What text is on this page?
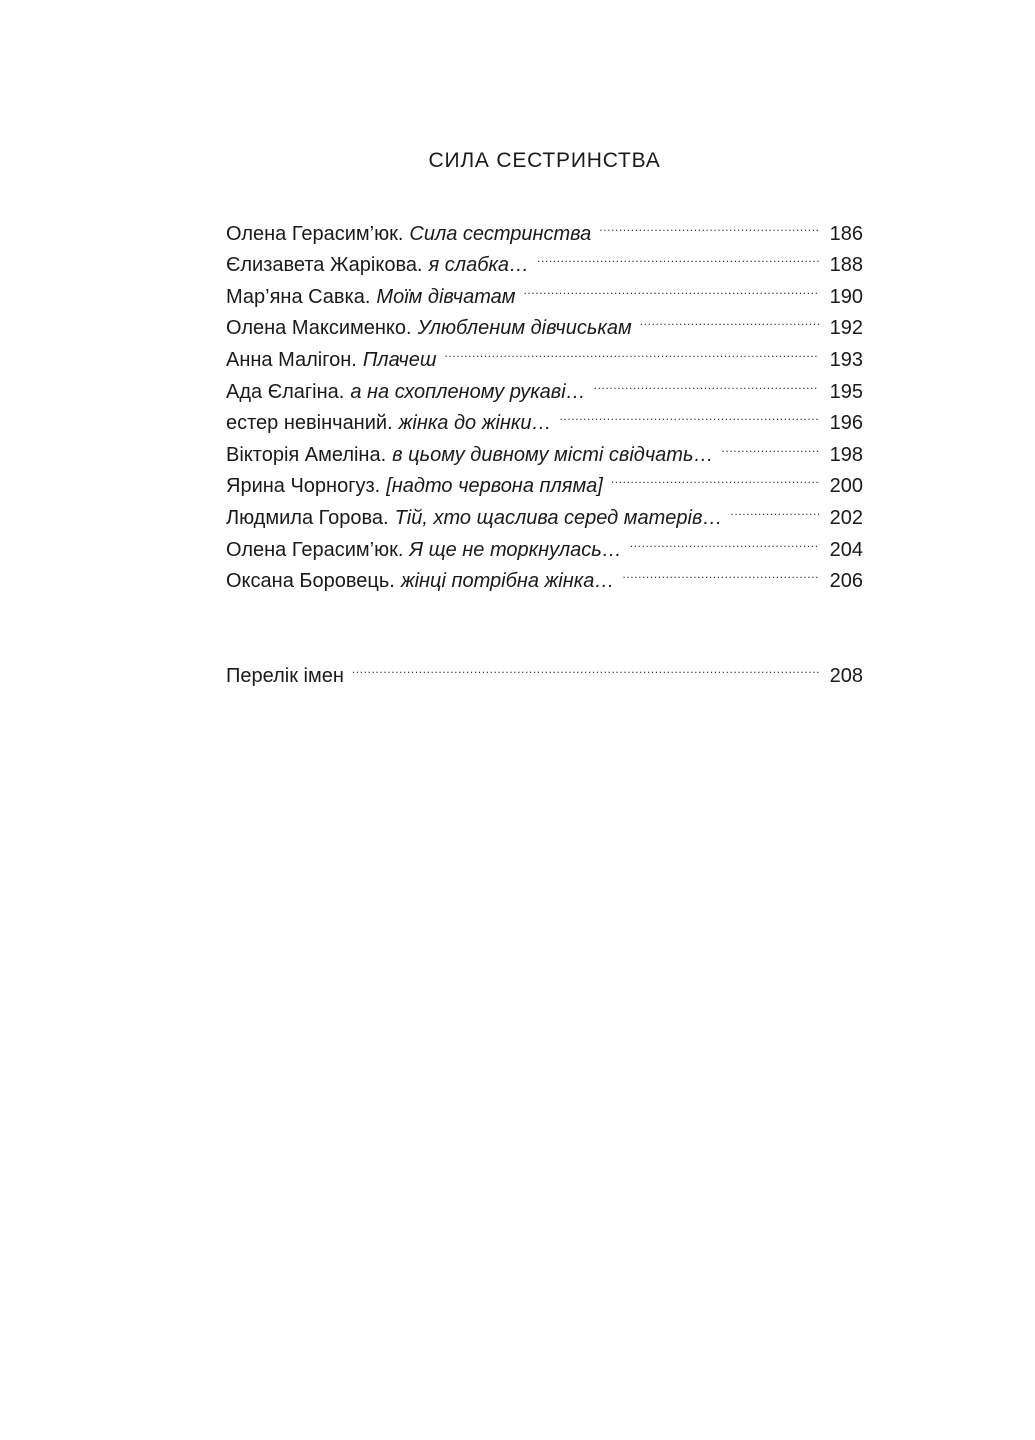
СИЛА СЕСТРИНСТВА
Олена Герасим’юк. Сила сестринства .....	186
Єлизавета Жарікова. я слабка… .....	188
Мар’яна Савка. Моїм дівчатам .....	190
Олена Максименко. Улюбленим дівчиськам .....	192
Анна Малігон. Плачеш .....	193
Ада Єлагіна. а на схопленому рукаві… .....	195
естер невінчаний. жінка до жінки… .....	196
Вікторія Амеліна. в цьому дивному місті свідчать… .....	198
Ярина Чорногуз. [надто червона пляма] .....	200
Людмила Горова. Тій, хто щаслива серед матерів… .....	202
Олена Герасим’юк. Я ще не торкнулась… .....	204
Оксана Боровець. жінці потрібна жінка… .....	206
Перелік імен .....	208
